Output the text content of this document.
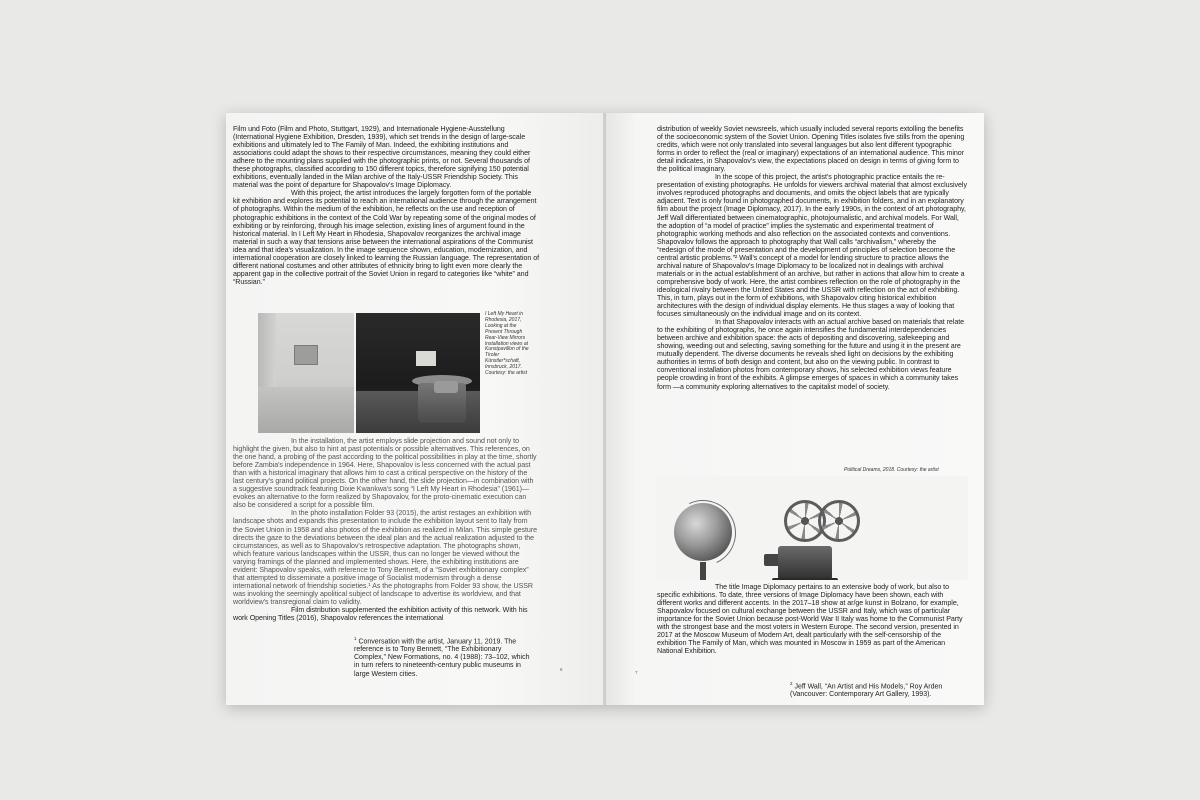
Film und Foto (Film and Photo, Stuttgart, 1929), and Internationale Hygiene-Ausstellung (International Hygiene Exhibition, Dresden, 1939), which set trends in the design of large-scale exhibitions and ultimately led to The Family of Man. Indeed, the exhibiting institutions and associations could adapt the shows to their respective circumstances, meaning they could either adhere to the mounting plans supplied with the photographic prints, or not. Several thousands of these photographs, classified according to 150 different topics, therefore signifying 150 potential exhibitions, eventually landed in the Milan archive of the Italy-USSR Friendship Society. This material was the point of departure for Shapovalov's Image Diplomacy.

With this project, the artist introduces the largely forgotten form of the portable kit exhibition and explores its potential to reach an international audience through the arrangement of photographs. Within the medium of the exhibition, he reflects on the use and reception of photographic exhibitions in the context of the Cold War by repeating some of the original modes of exhibiting or by reinforcing, through his image selection, existing lines of argument found in the historical material. In I Left My Heart in Rhodesia, Shapovalov reorganizes the archival image material in such a way that tensions arise between the international aspirations of the Communist idea and that idea's visualization. In the image sequence shown, education, modernization, and international cooperation are closely linked to learning the Russian language. The representation of different national costumes and other attributes of ethnicity bring to light even more clearly the apparent gap in the collective portrait of the Soviet Union in regard to categories like “white” and “Russian.”

I Left My Heart in Rhodesia, 2017, Looking at the Present Through Rear-View Mirrors installation views at Kunstpavillon of the Tiroler Künstler*schaft, Innsbruck, 2017. Courtesy: the artist

In the installation, the artist employs slide projection and sound not only to highlight the given, but also to hint at past potentials or possible alternatives. This references, on the one hand, a probing of the past according to the political possibilities in play at the time, shortly before Zambia's independence in 1964. Here, Shapovalov is less concerned with the actual past than with a historical imaginary that allows him to cast a critical perspective on the history of the last century's grand political projects. On the other hand, the slide projection—in combination with a suggestive soundtrack featuring Dixie Kwankwa's song “I Left My Heart in Rhodesia” (1961)—evokes an alternative to the form realized by Shapovalov, for the proto-cinematic execution can also be considered a script for a possible film.

In the photo installation Folder 93 (2015), the artist restages an exhibition with landscape shots and expands this presentation to include the exhibition layout sent to Italy from the Soviet Union in 1958 and also photos of the exhibition as realized in Milan. This simple gesture directs the gaze to the deviations between the ideal plan and the actual realization adjusted to the circumstances, as well as to Shapovalov's retrospective adaptation. The photographs shown, which feature various landscapes within the USSR, thus can no longer be viewed without the varying framings of the planned and implemented shows. Here, the exhibiting institutions are evident: Shapovalov speaks, with reference to Tony Bennett, of a “Soviet exhibitionary complex” that attempted to disseminate a positive image of Socialist modernism through a dense international network of friendship societies.¹ As the photographs from Folder 93 show, the USSR was invoking the seemingly apolitical subject of landscape to advertise its worldview, and that worldview's transregional claim to validity.

Film distribution supplemented the exhibition activity of this network. With his work Opening Titles (2016), Shapovalov references the international

$^1$ Conversation with the artist, January 11, 2019. The reference is to Tony Bennett, “The Exhibitionary Complex,” New Formations, no. 4 (1988): 73–102, which in turn refers to nineteenth-century public museums in large Western cities.
6

distribution of weekly Soviet newsreels, which usually included several reports extolling the benefits of the socioeconomic system of the Soviet Union. Opening Titles isolates five stills from the opening credits, which were not only translated into several languages but also lent different typographic forms in order to reflect the (real or imaginary) expectations of an international audience. This minor detail indicates, in Shapovalov's view, the expectations placed on design in terms of giving form to the political imaginary.

In the scope of this project, the artist's photographic practice entails the re-presentation of existing photographs. He unfolds for viewers archival material that almost exclusively involves reproduced photographs and documents, and omits the object labels that are typically adjacent. Text is only found in photographed documents, in exhibition folders, and in an explanatory film about the project (Image Diplomacy, 2017). In the early 1990s, in the context of art photography, Jeff Wall differentiated between cinematographic, photojournalistic, and archival models. For Wall, the adoption of “a model of practice” implies the systematic and experimental treatment of photographic working methods and also reflection on the associated contexts and conventions. Shapovalov follows the approach to photography that Wall calls “archivalism,” whereby the “redesign of the mode of presentation and the development of principles of selection become the central artistic problems.”² Wall's concept of a model for lending structure to practice allows the archival nature of Shapovalov's Image Diplomacy to be localized not in dealings with archival materials or in the actual establishment of an archive, but rather in actions that allow him to create a comprehensive body of work. Here, the artist combines reflection on the role of photography in the ideological rivalry between the United States and the USSR with reflection on the act of exhibiting. This, in turn, plays out in the form of exhibitions, with Shapovalov citing historical exhibition architectures with the design of individual display elements. He thus stages a way of looking that focuses simultaneously on the individual image and on its context.

In that Shapovalov interacts with an actual archive based on materials that relate to the exhibiting of photographs, he once again intensifies the fundamental interdependencies between archive and exhibition space: the acts of depositing and discovering, safekeeping and showing, weeding out and selecting, saving something for the future and using it in the present are mutually dependent. The diverse documents he reveals shed light on decisions by the exhibiting authorities in terms of both design and content, but also on the viewing public. In contrast to conventional installation photos from contemporary shows, his selected exhibition views feature people crowding in front of the exhibits. A glimpse emerges of spaces in which a community takes form —a community exploring alternatives to the capitalist model of society.

Political Dreams, 2018. Courtesy: the artist

The title Image Diplomacy pertains to an extensive body of work, but also to specific exhibitions. To date, three versions of Image Diplomacy have been shown, each with different works and different accents. In the 2017–18 show at ar/ge kunst in Bolzano, for example, Shapovalov focused on cultural exchange between the USSR and Italy, which was of particular importance for the Soviet Union because post-World War II Italy was home to the Communist Party with the strongest base and the most voters in Western Europe. The second version, presented in 2017 at the Moscow Museum of Modern Art, dealt particularly with the self-censorship of the exhibition The Family of Man, which was mounted in Moscow in 1959 as part of the American National Exhibition.

$^2$ Jeff Wall, “An Artist and His Models,” Roy Arden (Vancouver: Contemporary Art Gallery, 1993).
7
